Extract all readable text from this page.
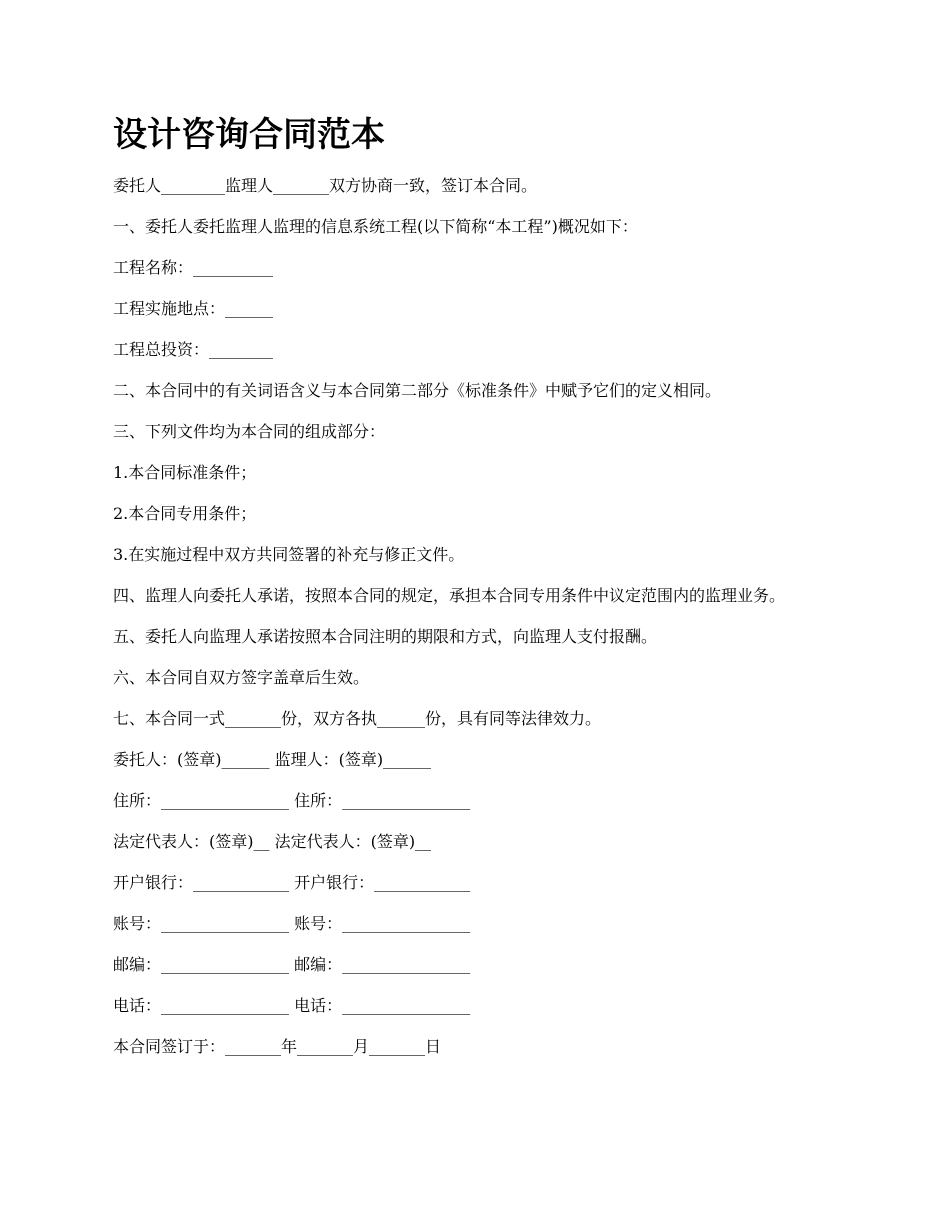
设计咨询合同范本

委托人________监理人_______双方协商一致，签订本合同。

一、委托人委托监理人监理的信息系统工程(以下简称“本工程”)概况如下：

工程名称：__________

工程实施地点：______

工程总投资：________

二、本合同中的有关词语含义与本合同第二部分《标准条件》中赋予它们的定义相同。

三、下列文件均为本合同的组成部分：

1.本合同标准条件；

2.本合同专用条件；

3.在实施过程中双方共同签署的补充与修正文件。

四、监理人向委托人承诺，按照本合同的规定，承担本合同专用条件中议定范围内的监理业务。

五、委托人向监理人承诺按照本合同注明的期限和方式，向监理人支付报酬。

六、本合同自双方签字盖章后生效。

七、本合同一式_______份，双方各执______份，具有同等法律效力。

委托人：(签章)______ 监理人：(签章)______

住所：________________ 住所：________________

法定代表人：(签章)__ 法定代表人：(签章)__

开户银行：____________ 开户银行：____________

账号：________________ 账号：________________

邮编：________________ 邮编：________________

电话：________________ 电话：________________

本合同签订于：_______年_______月_______日
